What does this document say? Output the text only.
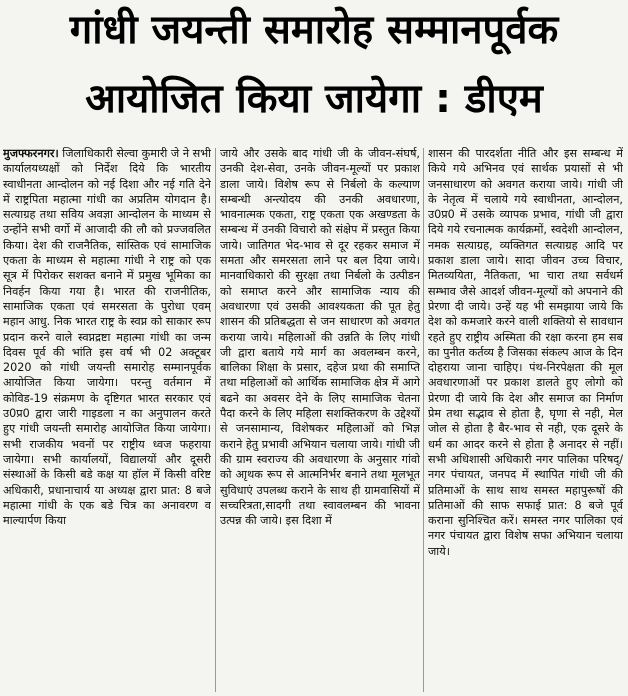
गांधी जयन्ती समारोह सम्मानपूर्वक
आयोजित किया जायेगा : डीएम

मुजफ्फरनगर। जिलाधिकारी सेल्वा कुमारी जे ने सभी कार्यालयध्यक्षों को निर्देश दिये कि भारतीय स्वाधीनता आन्दोलन को नई दिशा और नई गति देने में राष्ट्रपिता महात्मा गांधी का अप्रतिम योगदान है। सत्याग्रह तथा सविय अवज्ञा आन्दोलन के माध्यम से उन्होंने सभी वर्गो में आजादी की लौ को प्रज्जवलित किया। देश की राजनैतिक, सांस्तिक एवं सामाजिक एकता के माध्यम से महात्मा गांधी ने राष्ट्र को एक सूत्र में पिरोकर सशक्त बनाने में प्रमुख भूमिका का निवर्हन किया गया है। भारत की राजनीतिक, सामाजिक एकता एवं समरसता के पुरोधा एवम् महान आधु. निक भारत राष्ट्र के स्वप्न को साकार रूप प्रदान करने वाले स्वप्नद्रष्टा महात्मा गांधी का जन्म दिवस पूर्व की भांति इस वर्ष भी 02 अक्टूबर 2020 को गांधी जयन्ती समारोह सम्मानपूर्वक आयोजित किया जायेगा। परन्तु वर्तमान में कोविड-19 संक्रमण के दृष्टिगत भारत सरकार एवं उ0प्र0 द्वारा जारी गाइडला न का अनुपालन करते हुए गांधी जयन्ती समारोह आयोजित किया जायेगा। सभी राजकीय भवनों पर राष्ट्रीय ध्वज फहराया जायेगा। सभी कार्यालयों, विद्यालयों और दूसरी संस्थाओं के किसी बडे कक्ष या हॉल में किसी वरिष्ट अधिकारी, प्रधानाचार्य या अध्यक्ष द्वारा प्रात: 8 बजे महात्मा गांधी के एक बडे चित्र का अनावरण व माल्यार्पण किया

जाये और उसके बाद गांधी जी के जीवन-संघर्ष, उनकी देश-सेवा, उनके जीवन-मूल्यों पर प्रकाश डाला जाये। विशेष रूप से निर्बलो के कल्याण सम्बन्धी अन्त्योदय की उनकी अवधारणा, भावनात्मक एकता, राष्ट्र एकता एक अखण्डता के सम्बन्ध में उनकी विचारो को संक्षेप में प्रस्तुत किया जाये। जातिगत भेद-भाव से दूर रहकर समाज में समता और समरसता लाने पर बल दिया जाये। मानवाधिकारो की सुरक्षा तथा निर्बलो के उत्पीडन को समाप्त करने और सामाजिक न्याय की अवधारणा एवं उसकी आवश्यकता की पूत हेतु शासन की प्रतिबद्धता से जन साधारण को अवगत कराया जाये। महिलाओं की उन्नति के लिए गांधी जी द्वारा बताये गये मार्ग का अवलम्बन करने, बालिका शिक्षा के प्रसार, दहेज प्रथा की समाप्ति तथा महिलाओं को आर्थिक सामाजिक क्षेत्र में आगे बढने का अवसर देने के लिए सामाजिक चेतना पैदा करने के लिए महिला सशक्तिकरण के उद्देश्यों से जनसामान्य, विशेषकर महिलाओं को भिज्ञ कराने हेतु प्रभावी अभियान चलाया जाये। गांधी जी की ग्राम स्वराज्य की अवधारणा के अनुसार गांवो को आृथक रूप से आत्मनिर्भर बनाने तथा मूलभूत सुविधाएं उपलब्ध कराने के साथ ही ग्रामवासियों में सच्चरित्रता,सादगी तथा स्वावलम्बन की भावना उत्पन्न की जाये। इस दिशा में

शासन की पारदर्शता नीति और इस सम्बन्ध में किये गये अभिनव एवं सार्थक प्रयासों से भी जनसाधारण को अवगत कराया जाये। गांधी जी के नेतृत्व में चलाये गये स्वाधीनता, आन्दोलन, उ0प्र0 में उसके व्यापक प्रभाव, गांधी जी द्वारा दिये गये रचनात्मक कार्यक्रमों, स्वदेशी आन्दोलन, नमक सत्याग्रह, व्यक्तिगत सत्याग्रह आदि पर प्रकाश डाला जाये। सादा जीवन उच्च विचार, मितव्ययिता, नैतिकता, भा चारा तथा सर्वधर्म सम्भाव जैसे आदर्श जीवन-मूल्यों को अपनाने की प्रेरणा दी जाये। उन्हें यह भी समझाया जाये कि देश को कमजारे करने वाली शक्तियो से सावधान रहते हुए राष्ट्रीय अस्मिता की रक्षा करना हम सब का पुनीत कर्तव्य है जिसका संकल्प आज के दिन दोहराया जाना चाहिए। पंथ-निरपेक्षता की मूल अवधारणाओं पर प्रकाश डालते हुए लोगो को प्रेरणा दी जाये कि देश और समाज का निर्माण प्रेम तथा सद्भाव से होता है, घृणा से नही, मेल जोल से होता है बैर-भाव से नही, एक दूसरे के धर्म का आदर करने से होता है अनादर से नहीं। सभी अधिशासी अधिकारी नगर पालिका परिषद्/नगर पंचायत, जनपद में स्थापित गांधी जी की प्रतिमाओं के साथ साथ समस्त महापुरूषों की प्रतिमाओं की साफ सफाई प्रात: 8 बजे पूर्व कराना सुनिश्चित करें। समस्त नगर पालिका एवं नगर पंचायत द्वारा विशेष सफा अभियान चलाया जाये।
